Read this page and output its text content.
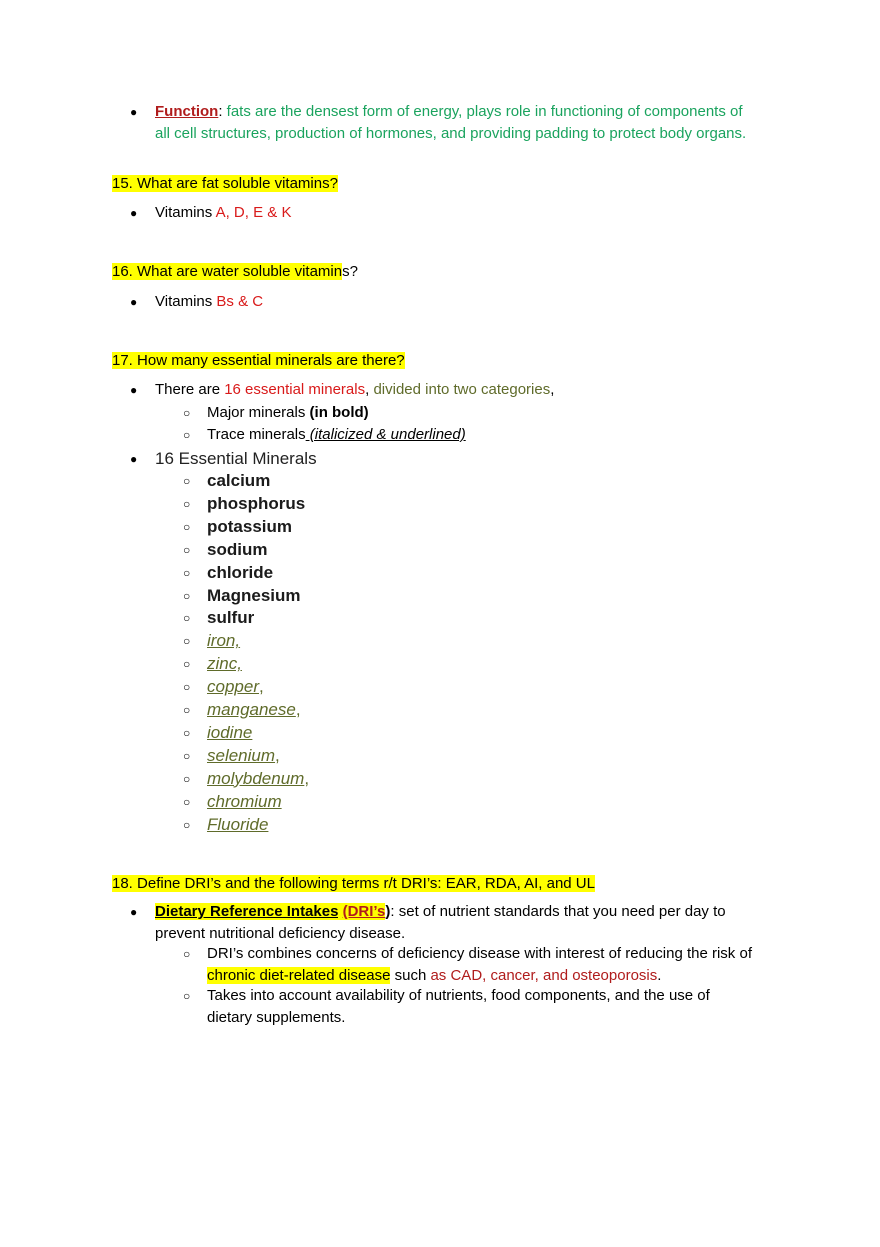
● Function: fats are the densest form of energy, plays role in functioning of components of
all cell structures, production of hormones, and providing padding to protect body organs.
15. What are fat soluble vitamins?
● Vitamins A, D, E & K
16. What are water soluble vitamins?
● Vitamins Bs & C
17. How many essential minerals are there?
● There are 16 essential minerals, divided into two categories,
○ Major minerals (in bold)
○ Trace minerals (italicized & underlined)
● 16 Essential Minerals
18. Define DRI’s and the following terms r/t DRI’s: EAR, RDA, AI, and UL
● Dietary Reference Intakes (DRI’s): set of nutrient standards that you need per day to
prevent nutritional deficiency disease.
○ DRI’s combines concerns of deficiency disease with interest of reducing the risk of
chronic diet-related disease such as CAD, cancer, and osteoporosis.
○ Takes into account availability of nutrients, food components, and the use of
dietary supplements.
○ calcium
○ phosphorus
○ potassium
○ sodium
○ chloride
○ Magnesium
○ sulfur
○ iron,
○ zinc,
○ copper,
○ manganese,
○ iodine
○ selenium,
○ molybdenum,
○ chromium
○ Fluoride
